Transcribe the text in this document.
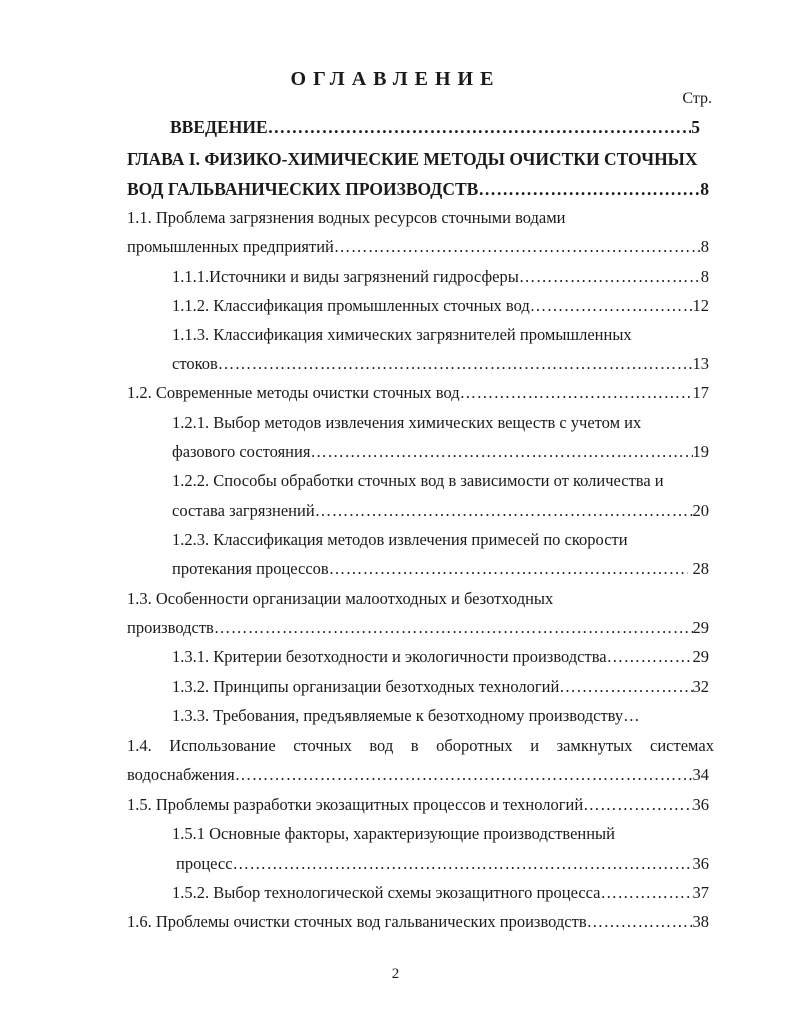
ОГЛАВЛЕНИЕ
Стр.
ВВЕДЕНИЕ ……………………………………………………………………………………………………………………………………………………………………	5
ГЛАВА I. ФИЗИКО-ХИМИЧЕСКИЕ МЕТОДЫ ОЧИСТКИ СТОЧНЫХ
ВОД ГАЛЬВАНИЧЕСКИХ ПРОИЗВОДСТВ ……………………………………………………………………………………………………………………………………………………………………	8
1.1. Проблема загрязнения водных ресурсов сточными водами
промышленных предприятий ……………………………………………………………………………………………………………………………………………………………………	8
1.1.1.Источники и виды загрязнений гидросферы ……………………………………………………………………………………………………………………………………………………………………	8
1.1.2. Классификация промышленных сточных вод ……………………………………………………………………………………………………………………………………………………………………	12
1.1.3. Классификация химических загрязнителей промышленных
стоков ……………………………………………………………………………………………………………………………………………………………………	13
1.2. Современные методы очистки сточных вод ……………………………………………………………………………………………………………………………………………………………………	17
1.2.1. Выбор методов извлечения химических веществ с учетом их
фазового состояния ……………………………………………………………………………………………………………………………………………………………………	19
1.2.2. Способы обработки сточных вод в зависимости от количества и
состава загрязнений ……………………………………………………………………………………………………………………………………………………………………	20
1.2.3. Классификация методов извлечения примесей по скорости
протекания процессов ……………………………………………………………………………………………………………………………………………………………………	28
1.3. Особенности организации малоотходных и безотходных
производств ……………………………………………………………………………………………………………………………………………………………………	29
1.3.1. Критерии безотходности и экологичности производства ……………………………………………………………………………………………………………………………………………………………………	29
1.3.2. Принципы организации безотходных технологий ……………………………………………………………………………………………………………………………………………………………………	32
1.3.3. Требования, предъявляемые к безотходному производству…
1.4. Использование сточных вод в оборотных и замкнутых системах
водоснабжения ……………………………………………………………………………………………………………………………………………………………………	34
1.5. Проблемы разработки экозащитных процессов и технологий ……………………………………………………………………………………………………………………………………………………………………	36
1.5.1 Основные факторы, характеризующие производственный
процесс ……………………………………………………………………………………………………………………………………………………………………	36
1.5.2. Выбор технологической схемы экозащитного процесса ……………………………………………………………………………………………………………………………………………………………………	37
1.6. Проблемы очистки сточных вод гальванических производств ……………………………………………………………………………………………………………………………………………………………………	38
2
